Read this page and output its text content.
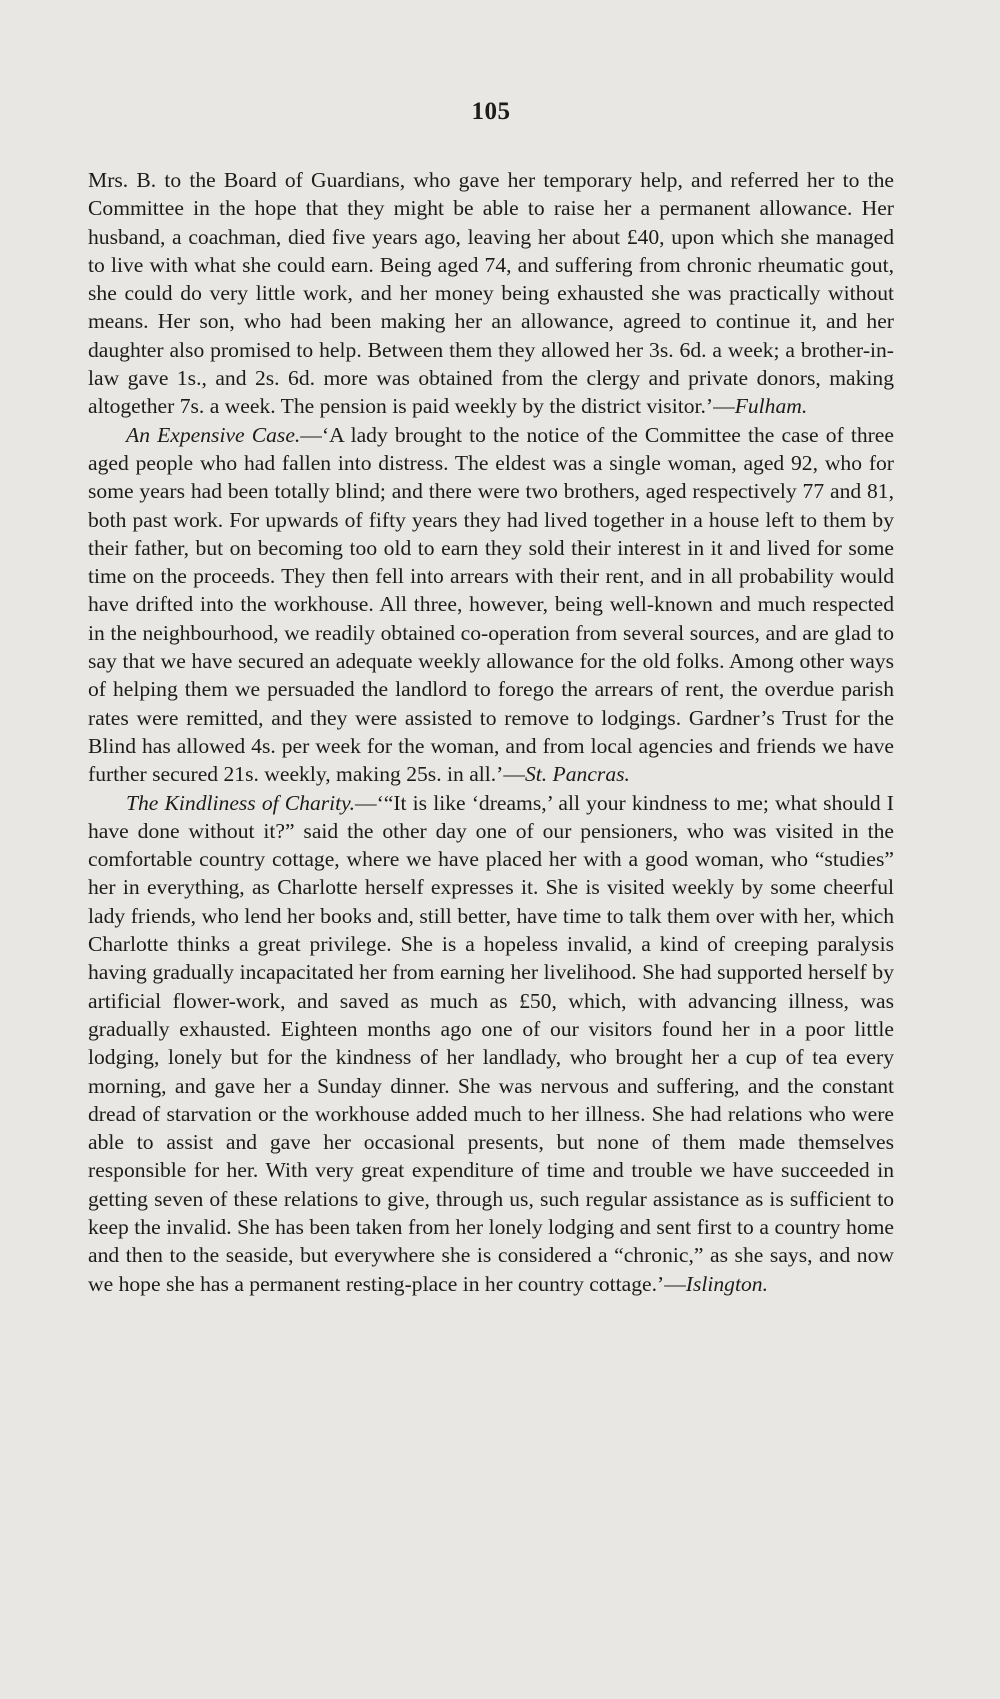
105

Mrs. B. to the Board of Guardians, who gave her temporary help, and referred her to the Committee in the hope that they might be able to raise her a permanent allowance. Her husband, a coachman, died five years ago, leaving her about £40, upon which she managed to live with what she could earn. Being aged 74, and suffering from chronic rheumatic gout, she could do very little work, and her money being exhausted she was practically without means. Her son, who had been making her an allowance, agreed to continue it, and her daughter also promised to help. Between them they allowed her 3s. 6d. a week; a brother-in-law gave 1s., and 2s. 6d. more was obtained from the clergy and private donors, making altogether 7s. a week. The pension is paid weekly by the district visitor.’—Fulham.

An Expensive Case.—‘A lady brought to the notice of the Committee the case of three aged people who had fallen into distress. The eldest was a single woman, aged 92, who for some years had been totally blind; and there were two brothers, aged respectively 77 and 81, both past work. For upwards of fifty years they had lived together in a house left to them by their father, but on becoming too old to earn they sold their interest in it and lived for some time on the proceeds. They then fell into arrears with their rent, and in all probability would have drifted into the workhouse. All three, however, being well-known and much respected in the neighbourhood, we readily obtained co-operation from several sources, and are glad to say that we have secured an adequate weekly allowance for the old folks. Among other ways of helping them we persuaded the landlord to forego the arrears of rent, the overdue parish rates were remitted, and they were assisted to remove to lodgings. Gardner’s Trust for the Blind has allowed 4s. per week for the woman, and from local agencies and friends we have further secured 21s. weekly, making 25s. in all.’—St. Pancras.

The Kindliness of Charity.—‘“It is like ‘dreams,’ all your kindness to me; what should I have done without it?” said the other day one of our pensioners, who was visited in the comfortable country cottage, where we have placed her with a good woman, who “studies” her in everything, as Charlotte herself expresses it. She is visited weekly by some cheerful lady friends, who lend her books and, still better, have time to talk them over with her, which Charlotte thinks a great privilege. She is a hopeless invalid, a kind of creeping paralysis having gradually incapacitated her from earning her livelihood. She had supported herself by artificial flower-work, and saved as much as £50, which, with advancing illness, was gradually exhausted. Eighteen months ago one of our visitors found her in a poor little lodging, lonely but for the kindness of her landlady, who brought her a cup of tea every morning, and gave her a Sunday dinner. She was nervous and suffering, and the constant dread of starvation or the workhouse added much to her illness. She had relations who were able to assist and gave her occasional presents, but none of them made themselves responsible for her. With very great expenditure of time and trouble we have succeeded in getting seven of these relations to give, through us, such regular assistance as is sufficient to keep the invalid. She has been taken from her lonely lodging and sent first to a country home and then to the seaside, but everywhere she is considered a “chronic,” as she says, and now we hope she has a permanent resting-place in her country cottage.’—Islington.
